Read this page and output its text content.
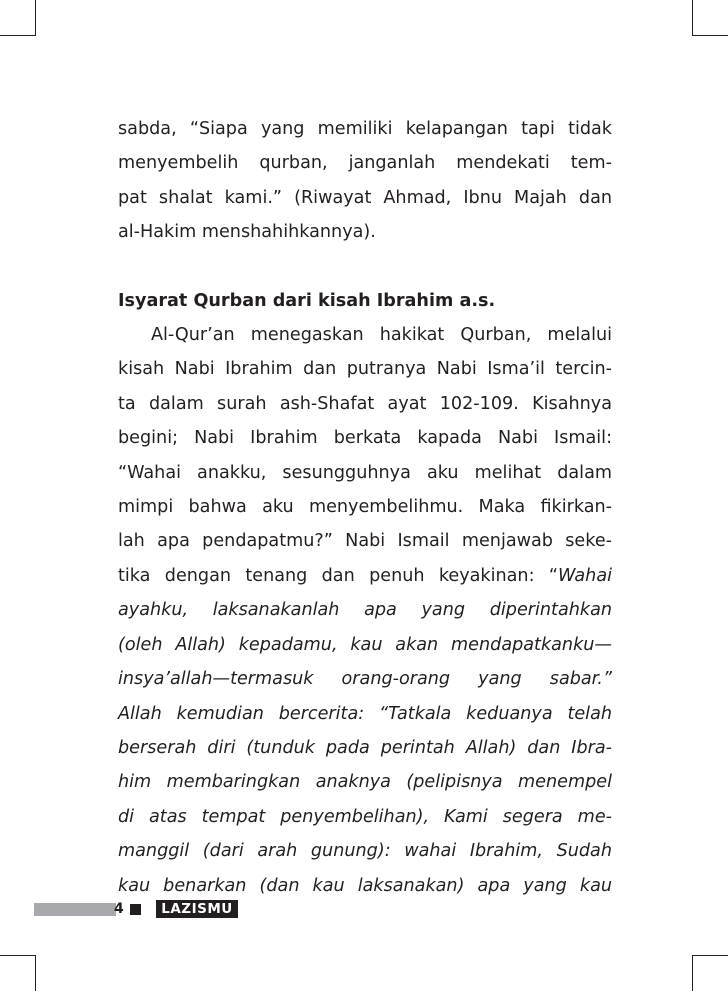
sabda, “Siapa yang memiliki kelapangan tapi tidak
menyembelih qurban, janganlah mendekati tem-
pat shalat kami.” (Riwayat Ahmad, Ibnu Majah dan
al-Hakim menshahihkannya).

Isyarat Qurban dari kisah Ibrahim a.s.

Al-Qur’an menegaskan hakikat Qurban, melalui
kisah Nabi Ibrahim dan putranya Nabi Isma’il tercin-
ta dalam surah ash-Shafat ayat 102-109. Kisahnya
begini; Nabi Ibrahim berkata kapada Nabi Ismail:
“Wahai anakku, sesungguhnya aku melihat dalam
mimpi bahwa aku menyembelihmu. Maka fikirkan-
lah apa pendapatmu?” Nabi Ismail menjawab seke-
tika dengan tenang dan penuh keyakinan: “Wahai
ayahku, laksanakanlah apa yang diperintahkan
(oleh Allah) kepadamu, kau akan mendapatkanku—
insya’allah—termasuk orang-orang yang sabar.”
Allah kemudian bercerita: “Tatkala keduanya telah
berserah diri (tunduk pada perintah Allah) dan Ibra-
him membaringkan anaknya (pelipisnya menempel
di atas tempat penyembelihan), Kami segera me-
manggil (dari arah gunung): wahai Ibrahim, Sudah
kau benarkan (dan kau laksanakan) apa yang kau

4	LAZISMU
